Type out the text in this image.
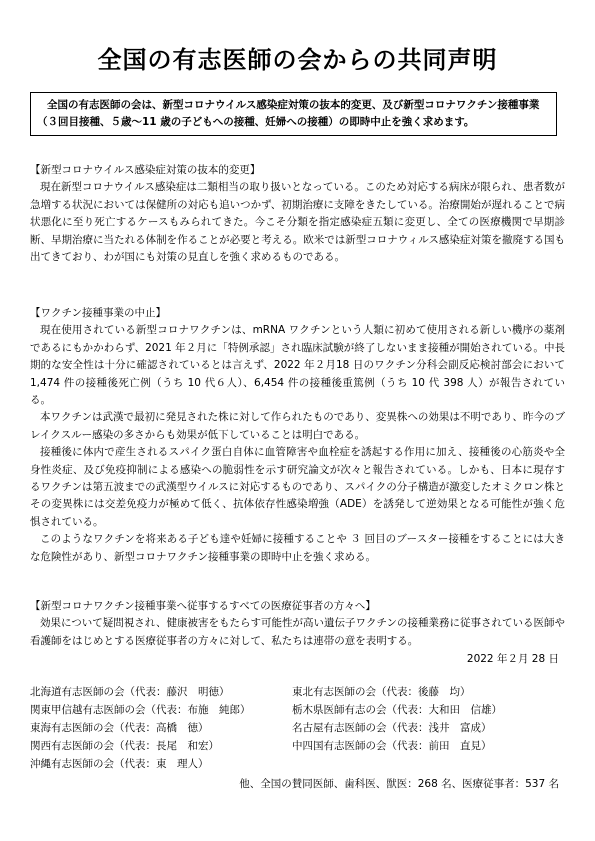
全国の有志医師の会からの共同声明
全国の有志医師の会は、新型コロナウイルス感染症対策の抜本的変更、及び新型コロナワクチン接種事業（３回目接種、５歳〜11 歳の子どもへの接種、妊婦への接種）の即時中止を強く求めます。

【新型コロナウイルス感染症対策の抜本的変更】

現在新型コロナウイルス感染症は二類相当の取り扱いとなっている。このため対応する病床が限られ、患者数が急増する状況においては保健所の対応も追いつかず、初期治療に支障をきたしている。治療開始が遅れることで病状悪化に至り死亡するケースもみられてきた。今こそ分類を指定感染症五類に変更し、全ての医療機関で早期診断、早期治療に当たれる体制を作ることが必要と考える。欧米では新型コロナウィルス感染症対策を撤廃する国も出てきており、わが国にも対策の見直しを強く求めるものである。

【ワクチン接種事業の中止】

現在使用されている新型コロナワクチンは、mRNA ワクチンという人類に初めて使用される新しい機序の薬剤であるにもかかわらず、2021 年２月に「特例承認」され臨床試験が終了しないまま接種が開始されている。中長期的な安全性は十分に確認されているとは言えず、2022 年２月18 日のワクチン分科会副反応検討部会において 1,474 件の接種後死亡例（うち 10 代６人）、6,454 件の接種後重篤例（うち 10 代 398 人）が報告されている。

本ワクチンは武漢で最初に発見された株に対して作られたものであり、変異株への効果は不明であり、昨今のブレイクスルー感染の多さからも効果が低下していることは明白である。

接種後に体内で産生されるスパイク蛋白自体に血管障害や血栓症を誘起する作用に加え、接種後の心筋炎や全身性炎症、及び免疫抑制による感染への脆弱性を示す研究論文が次々と報告されている。しかも、日本に現存するワクチンは第五波までの武漢型ウイルスに対応するものであり、スパイクの分子構造が激変したオミクロン株とその変異株には交差免疫力が極めて低く、抗体依存性感染増強（ADE）を誘発して逆効果となる可能性が強く危惧されている。

このようなワクチンを将来ある子ども達や妊婦に接種することや ３ 回目のブースター接種をすることには大きな危険性があり、新型コロナワクチン接種事業の即時中止を強く求める。

【新型コロナワクチン接種事業へ従事するすべての医療従事者の方々へ】

効果について疑問視され、健康被害をもたらす可能性が高い遺伝子ワクチンの接種業務に従事されている医師や看護師をはじめとする医療従事者の方々に対して、私たちは連帯の意を表明する。

2022 年２月 28 日
北海道有志医師の会（代表：藤沢　明徳）	東北有志医師の会（代表：後藤　均）
関東甲信越有志医師の会（代表：布施　純郎）	栃木県医師有志の会（代表：大和田　信雄）
東海有志医師の会（代表：高橋　徳）	名古屋有志医師の会（代表：浅井　富成）
関西有志医師の会（代表：長尾　和宏）	中四国有志医師の会（代表：前田　直見）
沖縄有志医師の会（代表：東　理人）
他、全国の賛同医師、歯科医、獣医：268 名、医療従事者：537 名
